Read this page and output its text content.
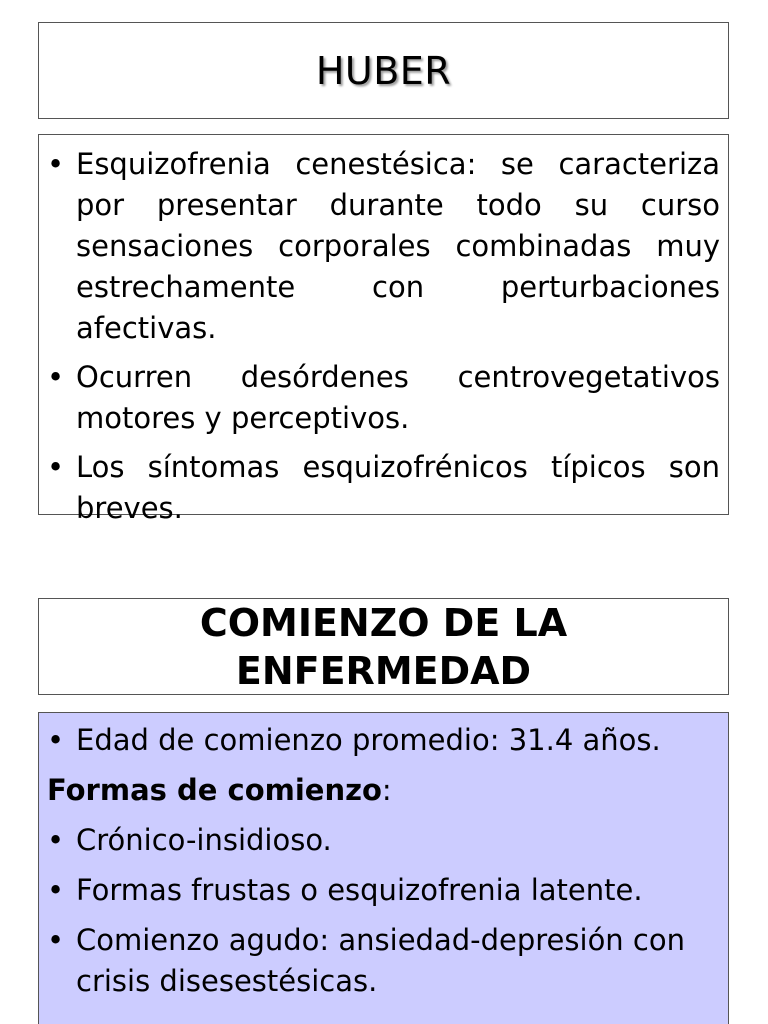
HUBER
• Esquizofrenia cenestésica: se caracteriza por presentar durante todo su curso sensaciones corporales combinadas muy estrechamente con perturbaciones afectivas.
• Ocurren desórdenes centrovegetativos motores y perceptivos.
• Los síntomas esquizofrénicos típicos son breves.
COMIENZO DE LA
ENFERMEDAD
• Edad de comienzo promedio: 31.4 años.
Formas de comienzo:
• Crónico-insidioso.
• Formas frustas o esquizofrenia latente.
• Comienzo agudo: ansiedad-depresión con crisis disesestésicas.
